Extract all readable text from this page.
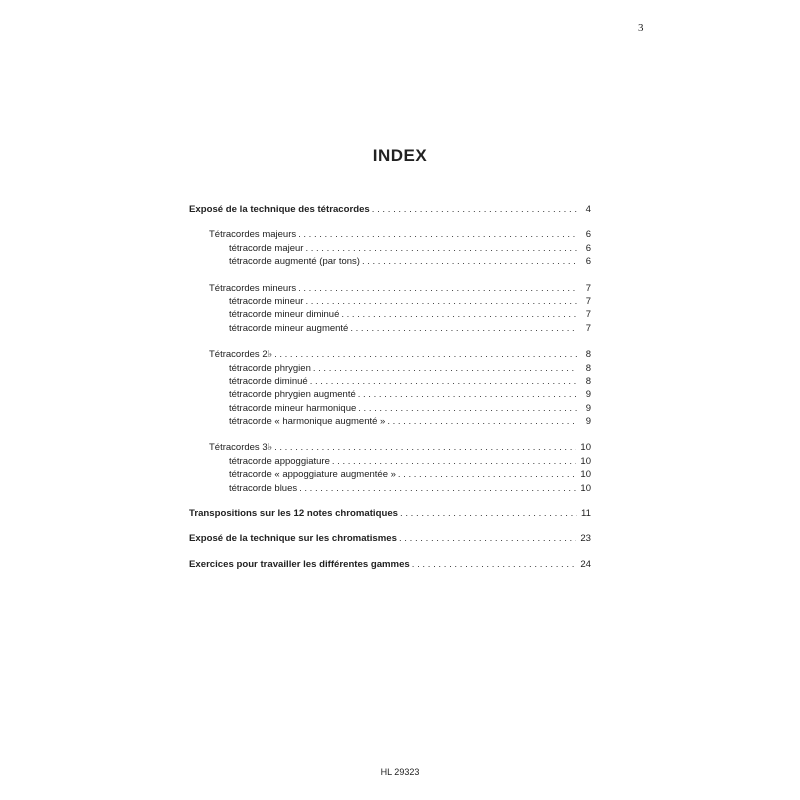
3
INDEX
Exposé de la technique des tétracordes . . .	4
Tétracordes majeurs . . .	6
tétracorde majeur . . .	6
tétracorde augmenté (par tons) . . .	6
Tétracordes mineurs . . .	7
tétracorde mineur . . .	7
tétracorde mineur diminué . . .	7
tétracorde mineur augmenté . . .	7
Tétracordes 2♭ . . .	8
tétracorde phrygien . . .	8
tétracorde diminué . . .	8
tétracorde phrygien augmenté . . .	9
tétracorde mineur harmonique . . .	9
tétracorde « harmonique augmenté » . . .	9
Tétracordes 3♭ . . .	10
tétracorde appoggiature . . .	10
tétracorde « appoggiature augmentée » . . .	10
tétracorde blues . . .	10
Transpositions sur les 12 notes chromatiques . . .	11
Exposé de la technique sur les chromatismes . . .	23
Exercices pour travailler les différentes gammes . . .	24
HL 29323
